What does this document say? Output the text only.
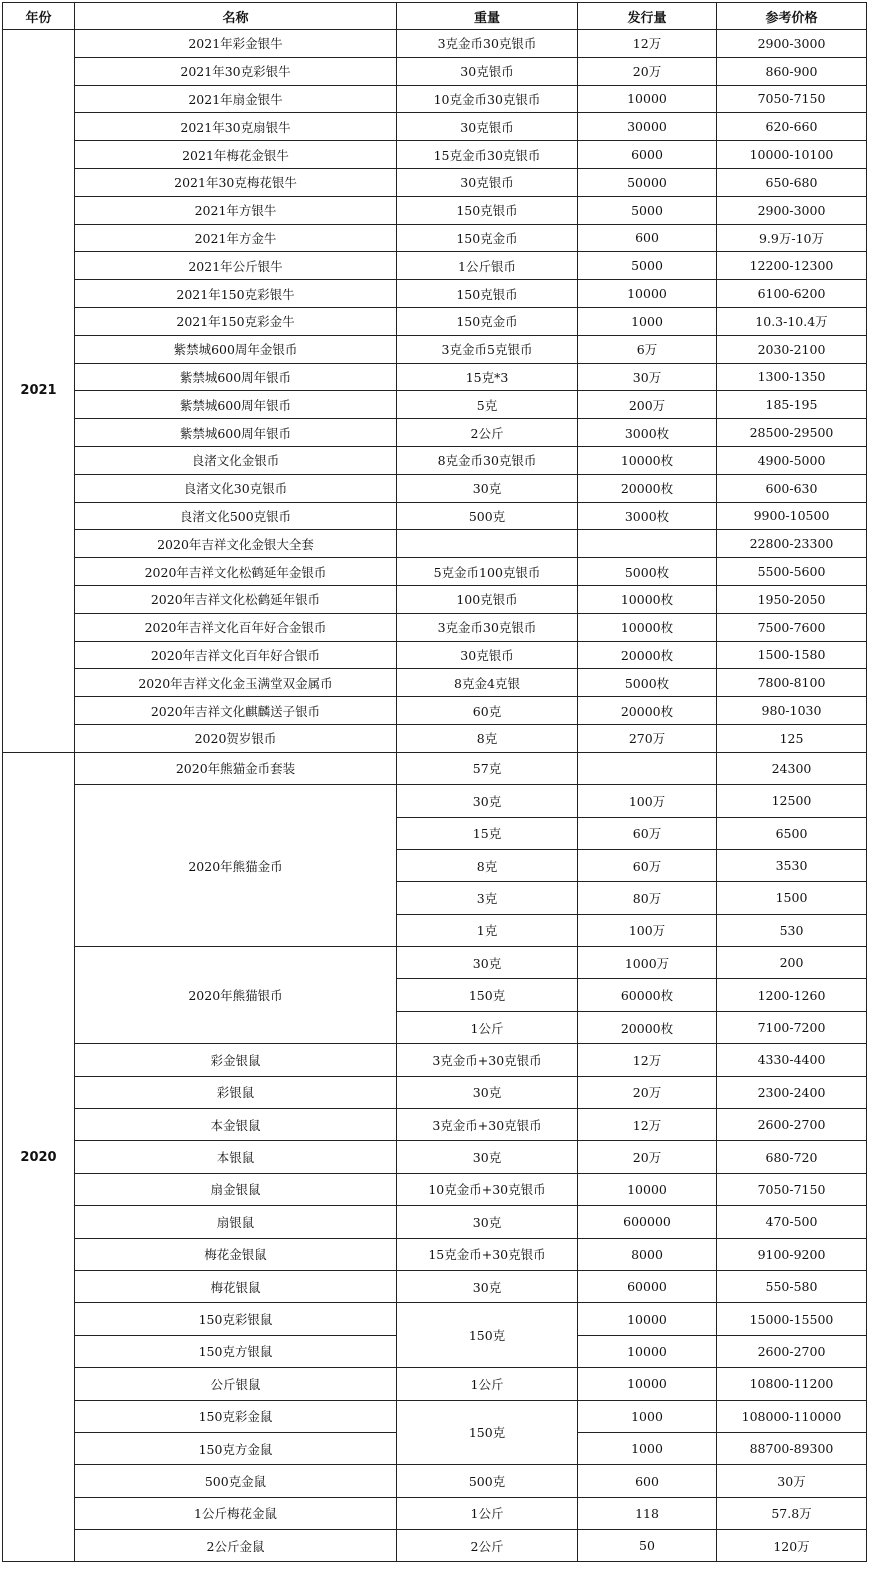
年份	名称	重量	发行量	参考价格
2021	2021年彩金银牛	3克金币30克银币	12万	2900-3000
	2021年30克彩银牛	30克银币	20万	860-900
	2021年扇金银牛	10克金币30克银币	10000	7050-7150
	2021年30克扇银牛	30克银币	30000	620-660
	2021年梅花金银牛	15克金币30克银币	6000	10000-10100
	2021年30克梅花银牛	30克银币	50000	650-680
	2021年方银牛	150克银币	5000	2900-3000
	2021年方金牛	150克金币	600	9.9万-10万
	2021年公斤银牛	1公斤银币	5000	12200-12300
	2021年150克彩银牛	150克银币	10000	6100-6200
	2021年150克彩金牛	150克金币	1000	10.3-10.4万
	紫禁城600周年金银币	3克金币5克银币	6万	2030-2100
	紫禁城600周年银币	15克*3	30万	1300-1350
	紫禁城600周年银币	5克	200万	185-195
	紫禁城600周年银币	2公斤	3000枚	28500-29500
	良渚文化金银币	8克金币30克银币	10000枚	4900-5000
	良渚文化30克银币	30克	20000枚	600-630
	良渚文化500克银币	500克	3000枚	9900-10500
	2020年吉祥文化金银大全套			22800-23300
	2020年吉祥文化松鹤延年金银币	5克金币100克银币	5000枚	5500-5600
	2020年吉祥文化松鹤延年银币	100克银币	10000枚	1950-2050
	2020年吉祥文化百年好合金银币	3克金币30克银币	10000枚	7500-7600
	2020年吉祥文化百年好合银币	30克银币	20000枚	1500-1580
	2020年吉祥文化金玉满堂双金属币	8克金4克银	5000枚	7800-8100
	2020年吉祥文化麒麟送子银币	60克	20000枚	980-1030
	2020贺岁银币	8克	270万	125
2020	2020年熊猫金币套装	57克		24300
	2020年熊猫金币	30克	100万	12500
		15克	60万	6500
		8克	60万	3530
		3克	80万	1500
		1克	100万	530
	2020年熊猫银币	30克	1000万	200
		150克	60000枚	1200-1260
		1公斤	20000枚	7100-7200
	彩金银鼠	3克金币+30克银币	12万	4330-4400
	彩银鼠	30克	20万	2300-2400
	本金银鼠	3克金币+30克银币	12万	2600-2700
	本银鼠	30克	20万	680-720
	扇金银鼠	10克金币+30克银币	10000	7050-7150
	扇银鼠	30克	600000	470-500
	梅花金银鼠	15克金币+30克银币	8000	9100-9200
	梅花银鼠	30克	60000	550-580
	150克彩银鼠	150克	10000	15000-15500
	150克方银鼠		10000	2600-2700
	公斤银鼠	1公斤	10000	10800-11200
	150克彩金鼠	150克	1000	108000-110000
	150克方金鼠		1000	88700-89300
	500克金鼠	500克	600	30万
	1公斤梅花金鼠	1公斤	118	57.8万
	2公斤金鼠	2公斤	50	120万
